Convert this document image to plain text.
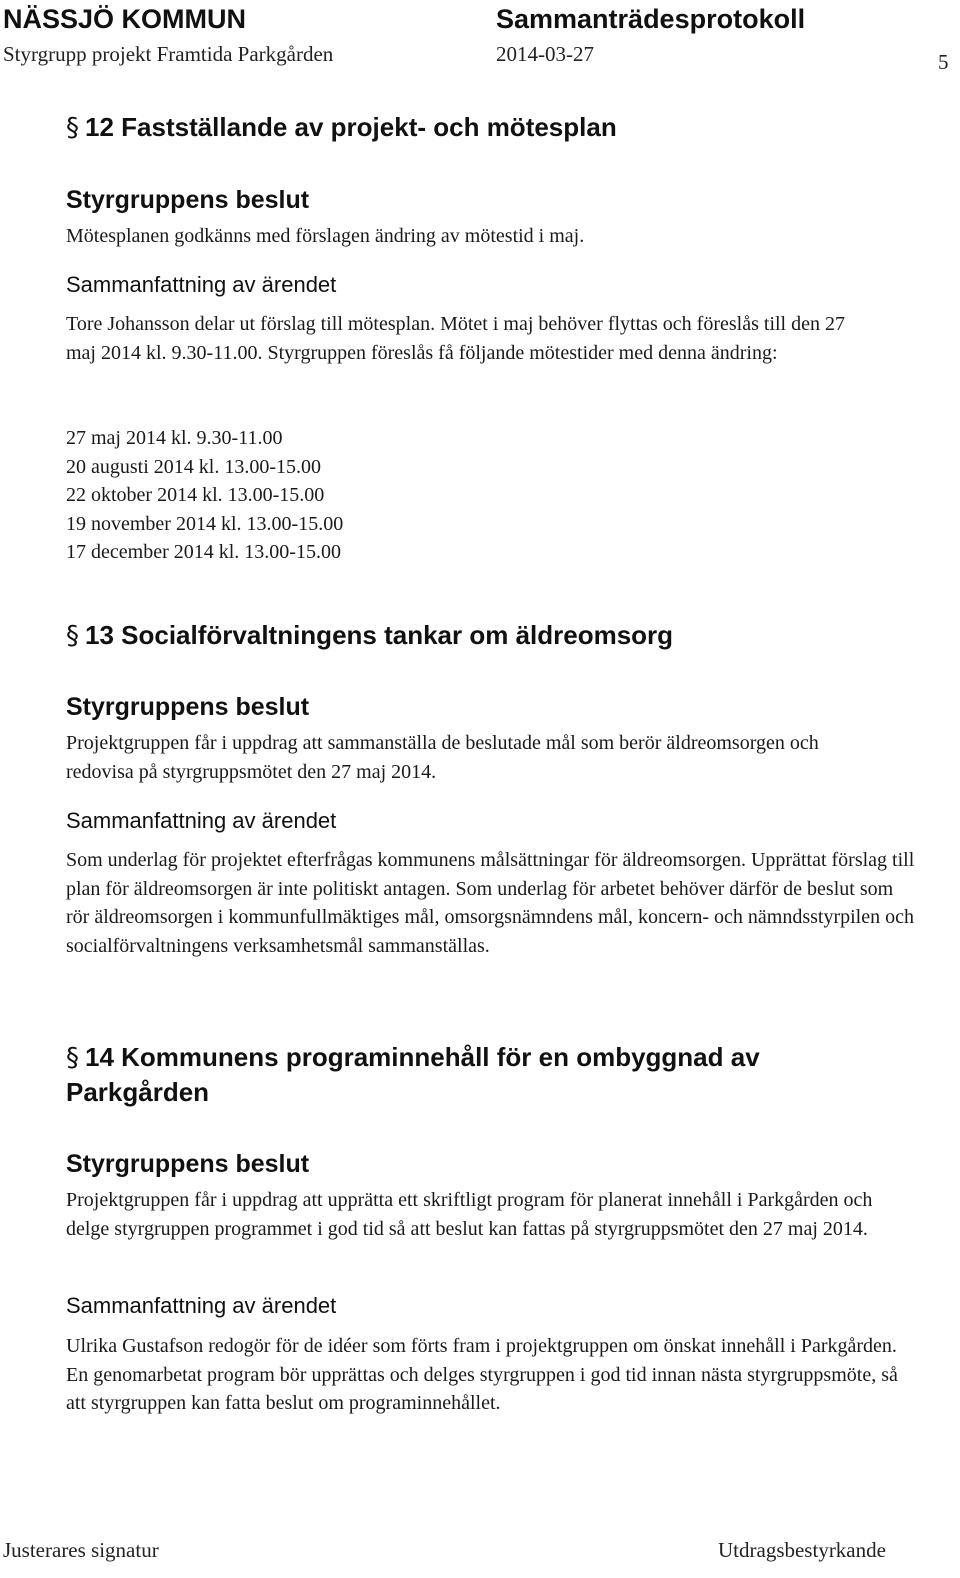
NÄSSJÖ KOMMUN	Sammanträdesprotokoll
Styrgrupp projekt Framtida Parkgården	2014-03-27	5
§ 12 Fastställande av projekt- och mötesplan
Styrgruppens beslut
Mötesplanen godkänns med förslagen ändring av mötestid i maj.
Sammanfattning av ärendet
Tore Johansson delar ut förslag till mötesplan. Mötet i maj behöver flyttas och föreslås till den 27 maj 2014 kl. 9.30-11.00. Styrgruppen föreslås få följande mötestider med denna ändring:
27 maj 2014 kl. 9.30-11.00
20 augusti 2014 kl. 13.00-15.00
22 oktober 2014 kl. 13.00-15.00
19 november 2014 kl. 13.00-15.00
17 december 2014 kl. 13.00-15.00
§ 13 Socialförvaltningens tankar om äldreomsorg
Styrgruppens beslut
Projektgruppen får i uppdrag att sammanställa de beslutade mål som berör äldreomsorgen och redovisa på styrgruppsmötet den 27 maj 2014.
Sammanfattning av ärendet
Som underlag för projektet efterfrågas kommunens målsättningar för äldreomsorgen. Upprättat förslag till plan för äldreomsorgen är inte politiskt antagen. Som underlag för arbetet behöver därför de beslut som rör äldreomsorgen i kommunfullmäktiges mål, omsorgsnämndens mål, koncern- och nämndsstyrpilen och socialförvaltningens verksamhetsmål sammanställas.
§ 14 Kommunens programinnehåll för en ombyggnad av
Parkgården
Styrgruppens beslut
Projektgruppen får i uppdrag att upprätta ett skriftligt program för planerat innehåll i Parkgården och delge styrgruppen programmet i god tid så att beslut kan fattas på styrgruppsmötet den 27 maj 2014.
Sammanfattning av ärendet
Ulrika Gustafson redogör för de idéer som förts fram i projektgruppen om önskat innehåll i Parkgården. En genomarbetat program bör upprättas och delges styrgruppen i god tid innan nästa styrgruppsmöte, så att styrgruppen kan fatta beslut om programinnehållet.
Justerares signatur	Utdragsbestyrkande
